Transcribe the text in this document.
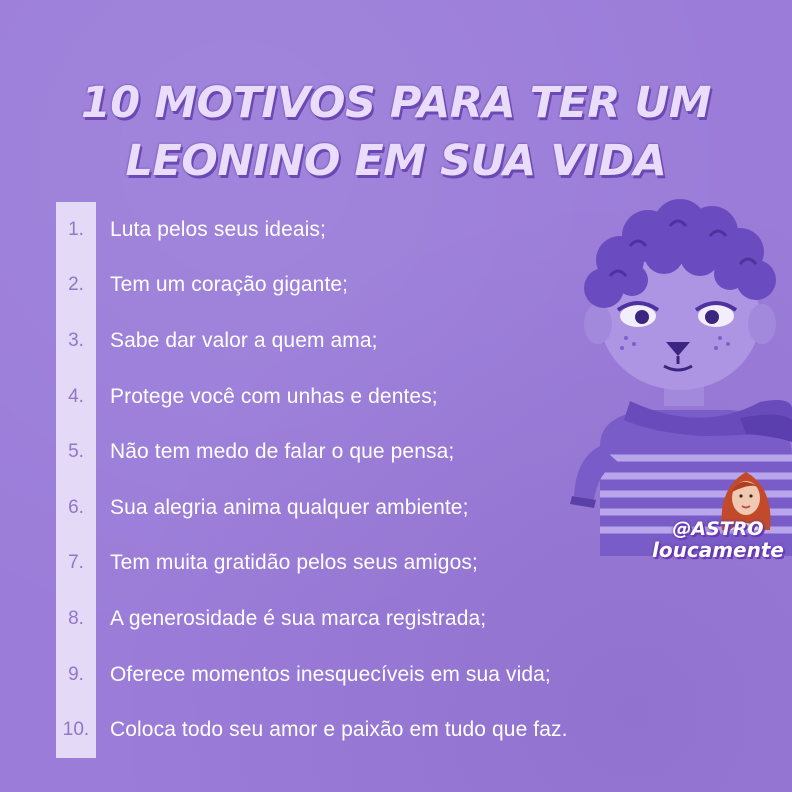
10 MOTIVOS PARA TER UM
LEONINO EM SUA VIDA
1.	Luta pelos seus ideais;
2.	Tem um coração gigante;
3.	Sabe dar valor a quem ama;
4.	Protege você com unhas e dentes;
5.	Não tem medo de falar o que pensa;
6.	Sua alegria anima qualquer ambiente;
7.	Tem muita gratidão pelos seus amigos;
8.	A generosidade é sua marca registrada;
9.	Oferece momentos inesquecíveis em sua vida;
10. Coloca todo seu amor e paixão em tudo que faz.
@ASTRO
loucamente
